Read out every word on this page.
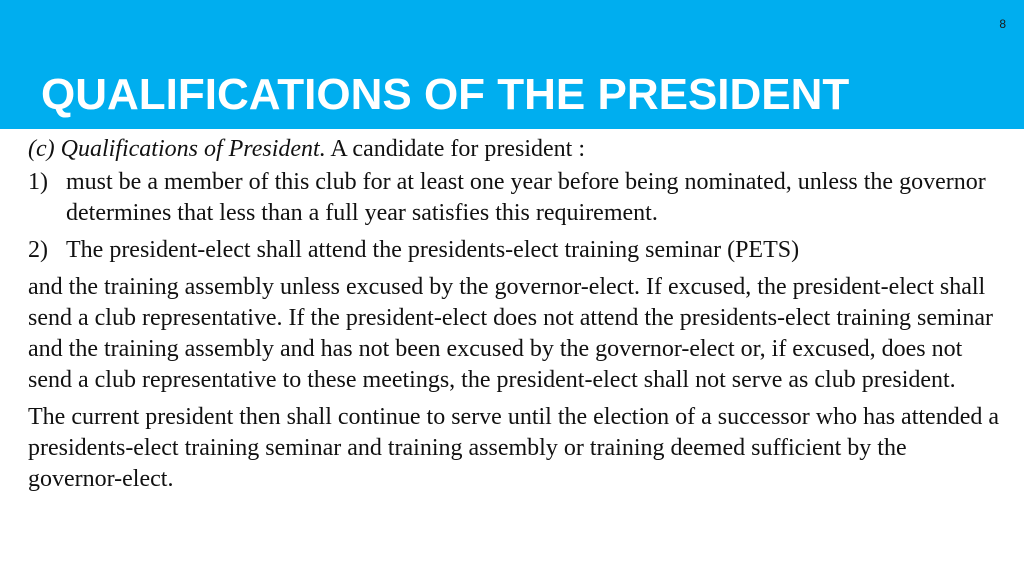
8
QUALIFICATIONS OF THE PRESIDENT

(c) Qualifications of President. A candidate for president :

1) must be a member of this club for at least one year before being nominated, unless the governor determines that less than a full year satisfies this requirement.

2) The president-elect shall attend the presidents-elect training seminar (PETS)

and the training assembly unless excused by the governor-elect. If excused, the president-elect shall send a club representative. If the president-elect does not attend the presidents-elect training seminar and the training assembly and has not been excused by the governor-elect or, if excused, does not send a club representative to these meetings, the president-elect shall not serve as club president.

The current president then shall continue to serve until the election of a successor who has attended a presidents-elect training seminar and training assembly or training deemed sufficient by the governor-elect.
